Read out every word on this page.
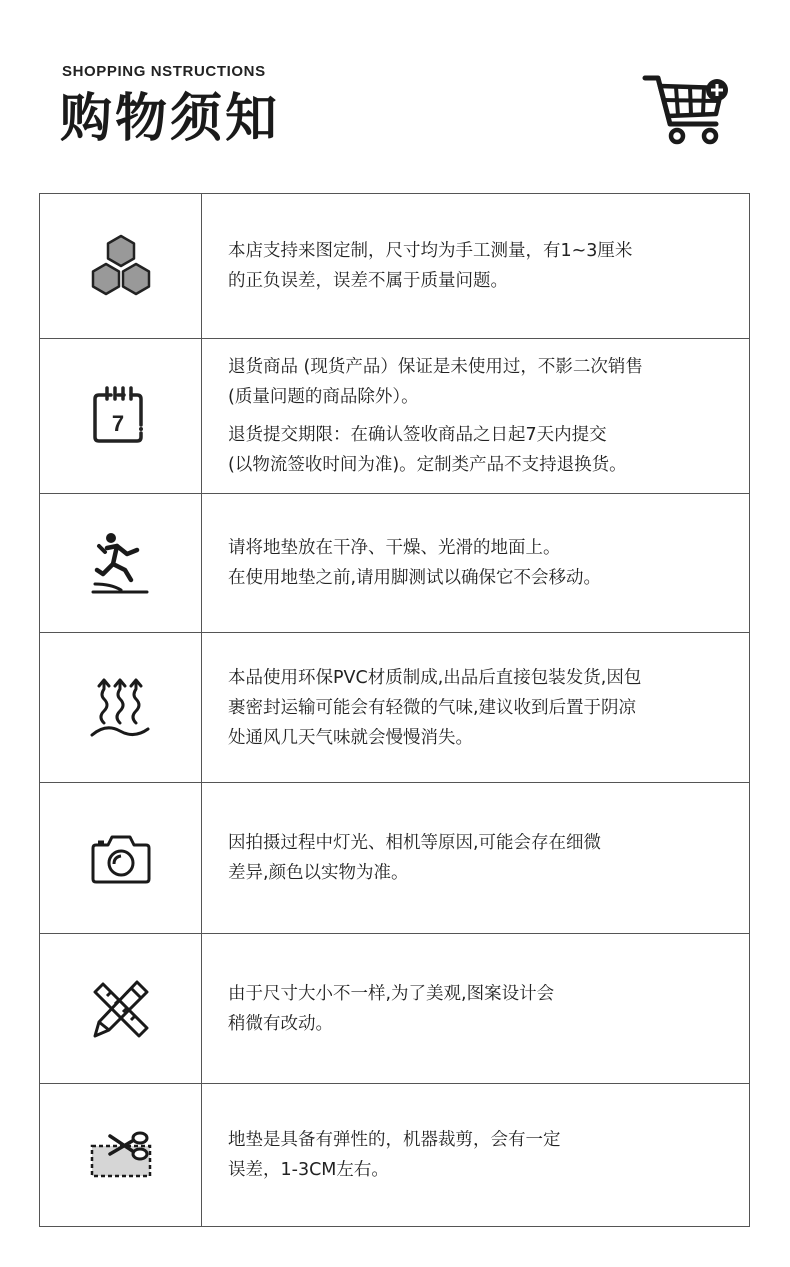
SHOPPING NSTRUCTIONS
购物须知

本店支持来图定制，尺寸均为手工测量，有1~3厘米

的正负误差，误差不属于质量问题。

7

退货商品 (现货产品）保证是未使用过，不影二次销售

(质量问题的商品除外）。

退货提交期限：在确认签收商品之日起7天内提交

(以物流签收时间为准)。定制类产品不支持退换货。

请将地垫放在干净、干燥、光滑的地面上。

在使用地垫之前,请用脚测试以确保它不会移动。

本品使用环保PVC材质制成,出品后直接包装发货,因包

裹密封运输可能会有轻微的气味,建议收到后置于阴凉

处通风几天气味就会慢慢消失。

因拍摄过程中灯光、相机等原因,可能会存在细微

差异,颜色以实物为准。

由于尺寸大小不一样,为了美观,图案设计会

稍微有改动。

地垫是具备有弹性的，机器裁剪，会有一定

误差，1-3CM左右。
